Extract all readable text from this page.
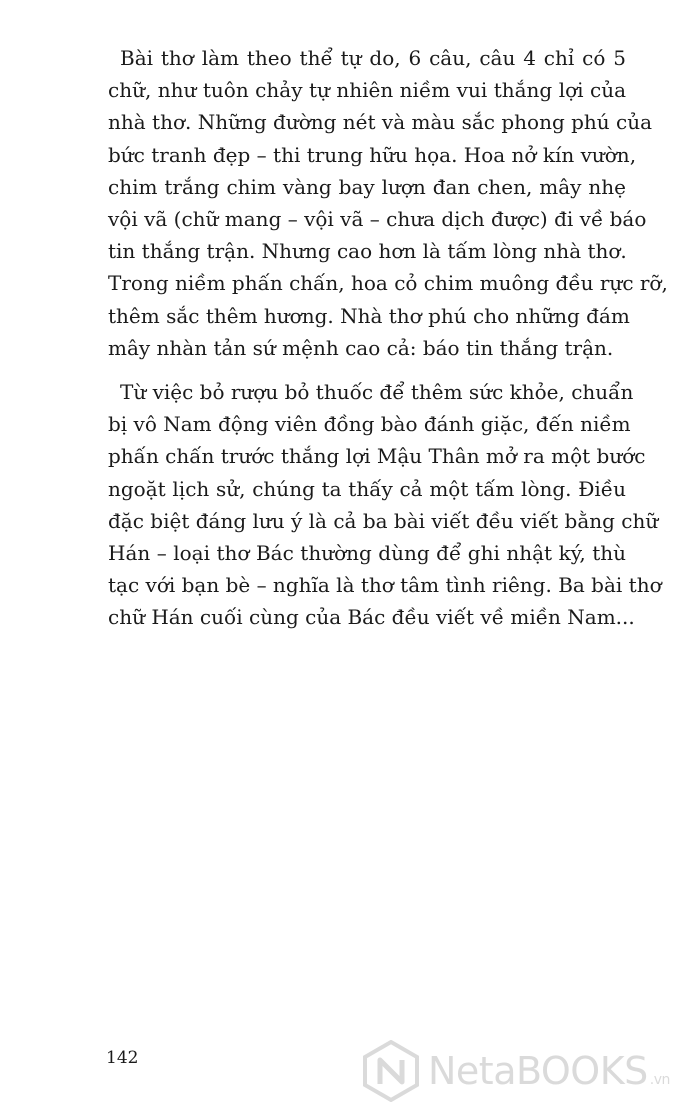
Bài thơ làm theo thể tự do, 6 câu, câu 4 chỉ có 5
chữ, như tuôn chảy tự nhiên niềm vui thắng lợi của
nhà thơ. Những đường nét và màu sắc phong phú của
bức tranh đẹp – thi trung hữu họa. Hoa nở kín vườn,
chim trắng chim vàng bay lượn đan chen, mây nhẹ
vội vã (chữ mang – vội vã – chưa dịch được) đi về báo
tin thắng trận. Nhưng cao hơn là tấm lòng nhà thơ.
Trong niềm phấn chấn, hoa cỏ chim muông đều rực rỡ,
thêm sắc thêm hương. Nhà thơ phú cho những đám
mây nhàn tản sứ mệnh cao cả: báo tin thắng trận.

Từ việc bỏ rượu bỏ thuốc để thêm sức khỏe, chuẩn
bị vô Nam động viên đồng bào đánh giặc, đến niềm
phấn chấn trước thắng lợi Mậu Thân mở ra một bước
ngoặt lịch sử, chúng ta thấy cả một tấm lòng. Điều
đặc biệt đáng lưu ý là cả ba bài viết đều viết bằng chữ
Hán – loại thơ Bác thường dùng để ghi nhật ký, thù
tạc với bạn bè – nghĩa là thơ tâm tình riêng. Ba bài thơ
chữ Hán cuối cùng của Bác đều viết về miền Nam...

142	NetaBOOKS .vn
